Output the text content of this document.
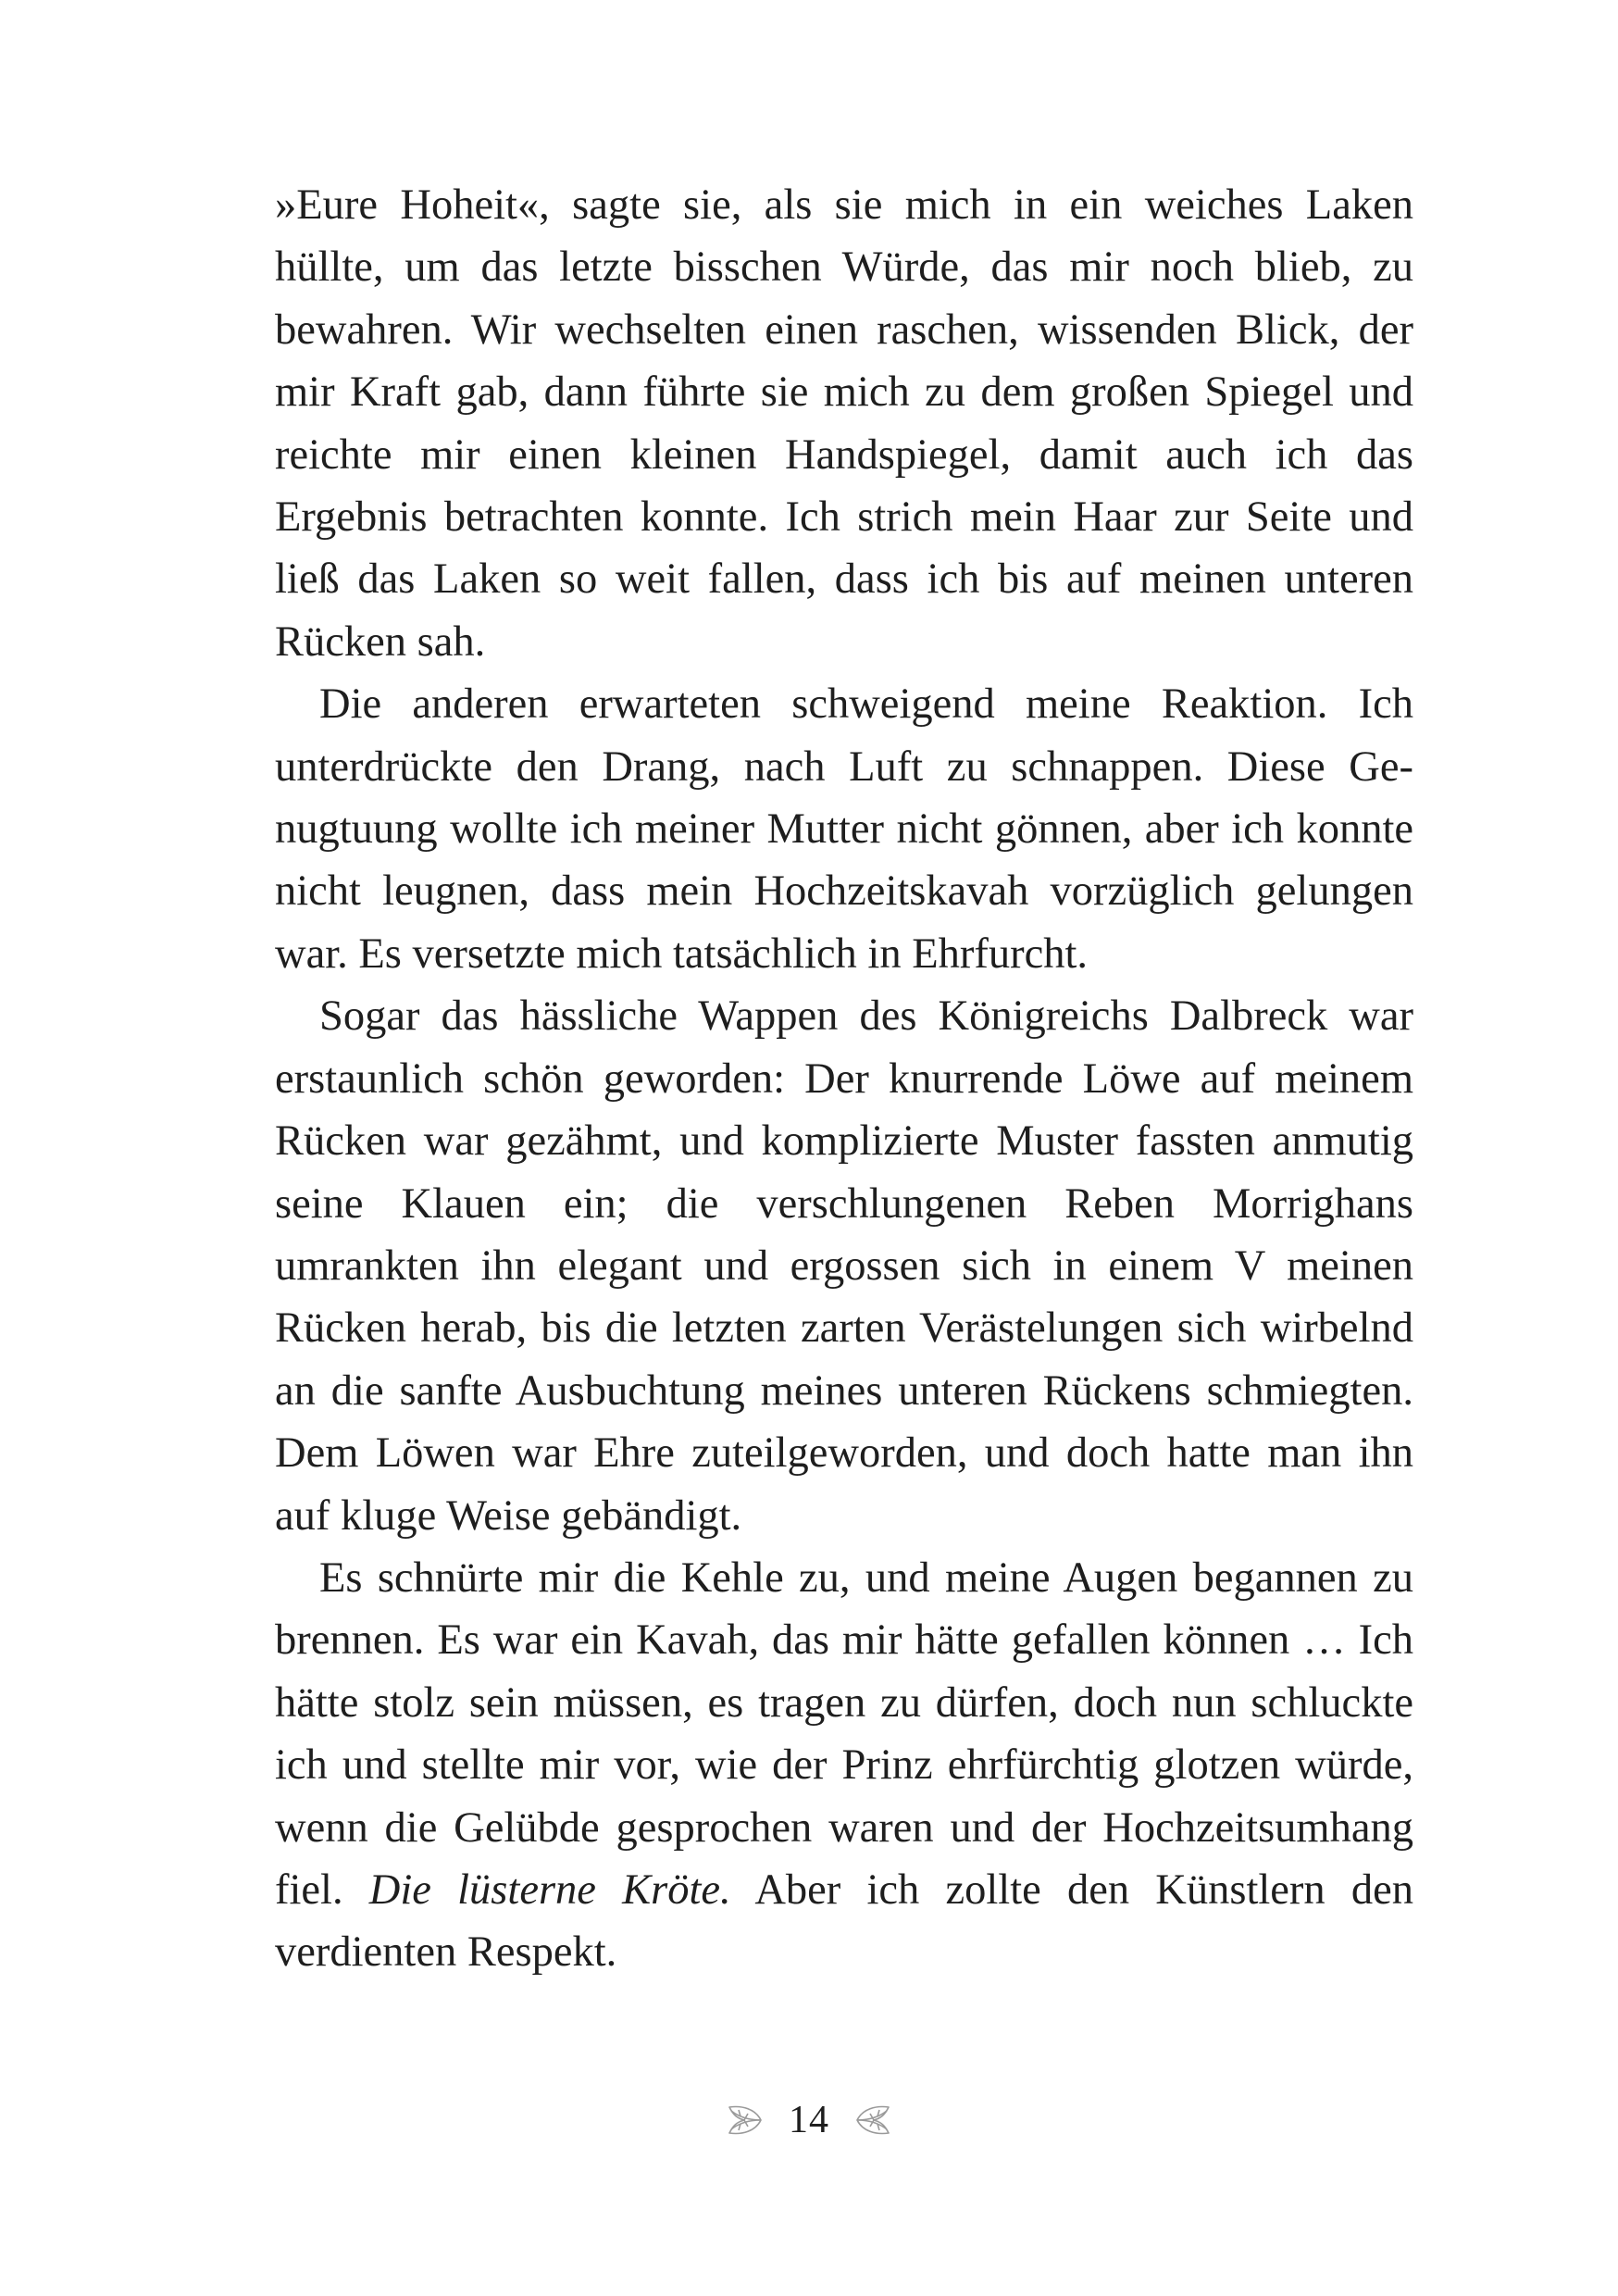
»Eure Hoheit«, sagte sie, als sie mich in ein weiches Laken hüllte, um das letzte bisschen Würde, das mir noch blieb, zu bewahren. Wir wechselten einen raschen, wissenden Blick, der mir Kraft gab, dann führte sie mich zu dem großen Spiegel und reichte mir einen kleinen Handspiegel, damit auch ich das Ergebnis betrachten konnte. Ich strich mein Haar zur Seite und ließ das Laken so weit fallen, dass ich bis auf meinen unteren Rücken sah.

Die anderen erwarteten schweigend meine Reaktion. Ich unterdrückte den Drang, nach Luft zu schnappen. Diese Genugtuung wollte ich meiner Mutter nicht gönnen, aber ich konnte nicht leugnen, dass mein Hochzeitskavah vorzüglich gelungen war. Es versetzte mich tatsächlich in Ehrfurcht.

Sogar das hässliche Wappen des Königreichs Dalbreck war erstaunlich schön geworden: Der knurrende Löwe auf meinem Rücken war gezähmt, und komplizierte Muster fassten anmutig seine Klauen ein; die verschlungenen Reben Morrighans umrankten ihn elegant und ergossen sich in einem V meinen Rücken herab, bis die letzten zarten Verästelungen sich wirbelnd an die sanfte Ausbuchtung meines unteren Rückens schmiegten. Dem Löwen war Ehre zuteilgeworden, und doch hatte man ihn auf kluge Weise gebändigt.

Es schnürte mir die Kehle zu, und meine Augen begannen zu brennen. Es war ein Kavah, das mir hätte gefallen können … Ich hätte stolz sein müssen, es tragen zu dürfen, doch nun schluckte ich und stellte mir vor, wie der Prinz ehrfürchtig glotzen würde, wenn die Gelübde gesprochen waren und der Hochzeitsumhang fiel. Die lüsterne Kröte. Aber ich zollte den Künstlern den verdienten Respekt.

14
